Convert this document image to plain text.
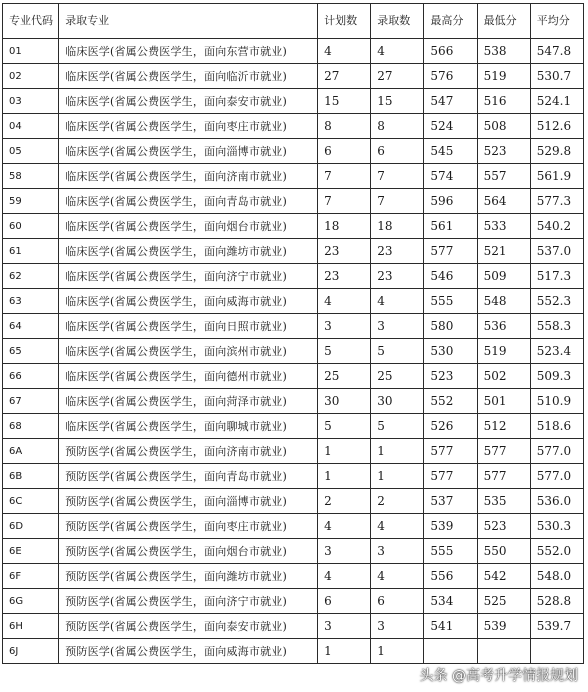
专业代码	录取专业	计划数	录取数	最高分	最低分	平均分
01	临床医学(省属公费医学生，面向东营市就业)	4	4	566	538	547.8
02	临床医学(省属公费医学生，面向临沂市就业)	27	27	576	519	530.7
03	临床医学(省属公费医学生，面向泰安市就业)	15	15	547	516	524.1
04	临床医学(省属公费医学生，面向枣庄市就业)	8	8	524	508	512.6
05	临床医学(省属公费医学生，面向淄博市就业)	6	6	545	523	529.8
58	临床医学(省属公费医学生，面向济南市就业)	7	7	574	557	561.9
59	临床医学(省属公费医学生，面向青岛市就业)	7	7	596	564	577.3
60	临床医学(省属公费医学生，面向烟台市就业)	18	18	561	533	540.2
61	临床医学(省属公费医学生，面向潍坊市就业)	23	23	577	521	537.0
62	临床医学(省属公费医学生，面向济宁市就业)	23	23	546	509	517.3
63	临床医学(省属公费医学生，面向威海市就业)	4	4	555	548	552.3
64	临床医学(省属公费医学生，面向日照市就业)	3	3	580	536	558.3
65	临床医学(省属公费医学生，面向滨州市就业)	5	5	530	519	523.4
66	临床医学(省属公费医学生，面向德州市就业)	25	25	523	502	509.3
67	临床医学(省属公费医学生，面向菏泽市就业)	30	30	552	501	510.9
68	临床医学(省属公费医学生，面向聊城市就业)	5	5	526	512	518.6
6A	预防医学(省属公费医学生，面向济南市就业)	1	1	577	577	577.0
6B	预防医学(省属公费医学生，面向青岛市就业)	1	1	577	577	577.0
6C	预防医学(省属公费医学生，面向淄博市就业)	2	2	537	535	536.0
6D	预防医学(省属公费医学生，面向枣庄市就业)	4	4	539	523	530.3
6E	预防医学(省属公费医学生，面向烟台市就业)	3	3	555	550	552.0
6F	预防医学(省属公费医学生，面向潍坊市就业)	4	4	556	542	548.0
6G	预防医学(省属公费医学生，面向济宁市就业)	6	6	534	525	528.8
6H	预防医学(省属公费医学生，面向泰安市就业)	3	3	541	539	539.7
6J	预防医学(省属公费医学生，面向威海市就业)	1	1			
头条 @高考升学情报规划
